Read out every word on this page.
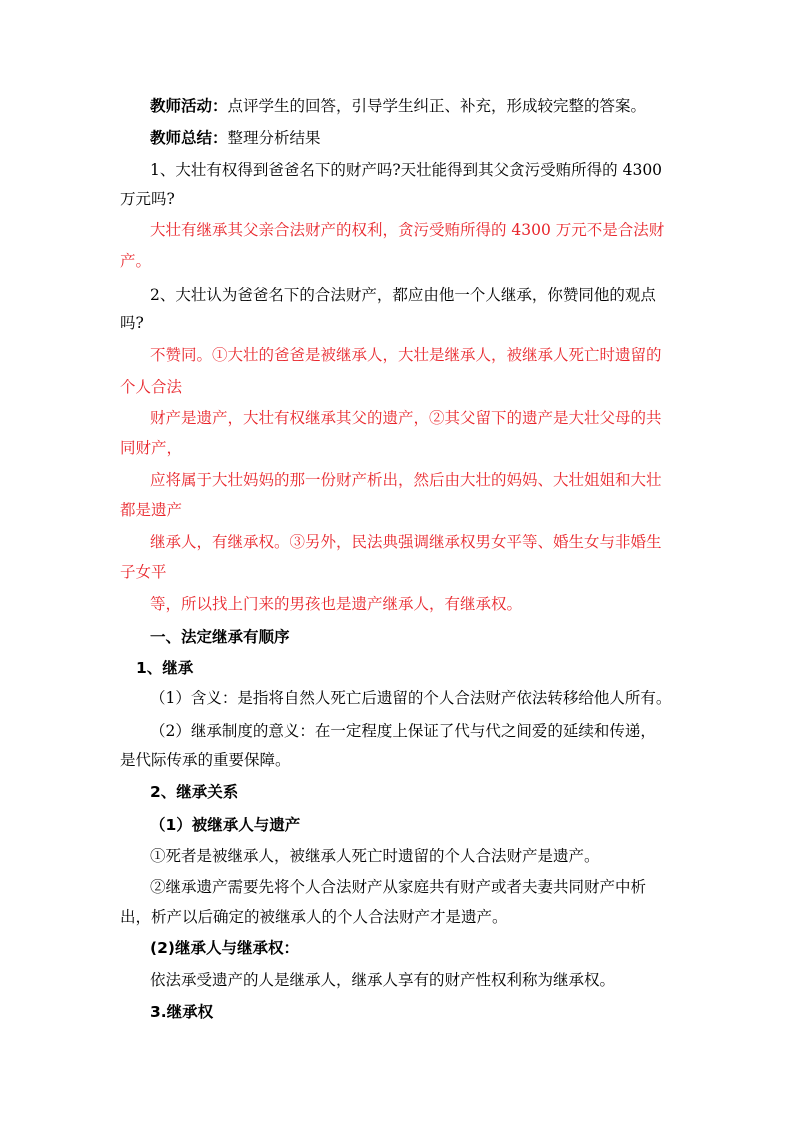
教师活动：点评学生的回答，引导学生纠正、补充，形成较完整的答案。

教师总结：整理分析结果

1、大壮有权得到爸爸名下的财产吗?天壮能得到其父贪污受贿所得的 4300

万元吗?

大壮有继承其父亲合法财产的权利，贪污受贿所得的 4300 万元不是合法财

产。

2、大壮认为爸爸名下的合法财产，都应由他一个人继承，你赞同他的观点

吗?

不赞同。①大壮的爸爸是被继承人，大壮是继承人，被继承人死亡时遗留的

个人合法

财产是遗产，大壮有权继承其父的遗产，②其父留下的遗产是大壮父母的共

同财产，

应将属于大壮妈妈的那一份财产析出，然后由大壮的妈妈、大壮姐姐和大壮

都是遗产

继承人，有继承权。③另外，民法典强调继承权男女平等、婚生女与非婚生

子女平

等，所以找上门来的男孩也是遗产继承人，有继承权。

一、法定继承有顺序

1、继承

（1）含义：是指将自然人死亡后遗留的个人合法财产依法转移给他人所有。

（2）继承制度的意义：在一定程度上保证了代与代之间爱的延续和传递，

是代际传承的重要保障。

2、继承关系

（1）被继承人与遗产

①死者是被继承人，被继承人死亡时遗留的个人合法财产是遗产。

②继承遗产需要先将个人合法财产从家庭共有财产或者夫妻共同财产中析

出，析产以后确定的被继承人的个人合法财产才是遗产。

(2)继承人与继承权：

依法承受遗产的人是继承人，继承人享有的财产性权利称为继承权。

3.继承权
